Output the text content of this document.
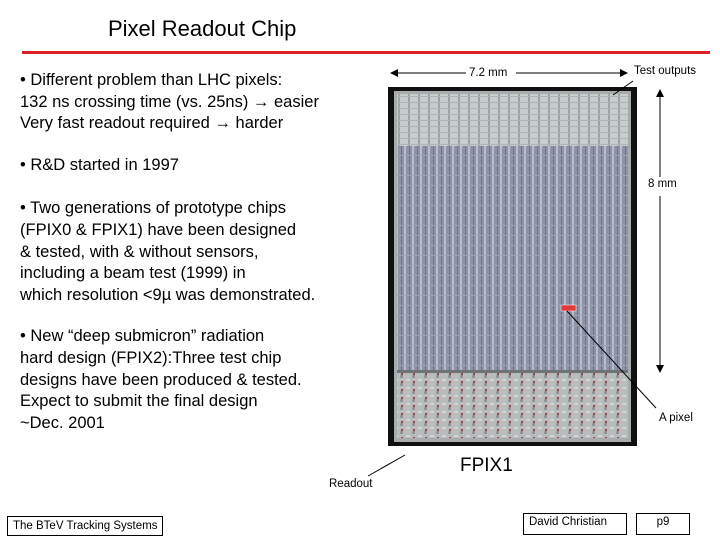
Pixel Readout Chip

• Different problem than LHC pixels:
132 ns crossing time (vs. 25ns) → easier
Very fast readout required → harder

• R&D started in 1997

• Two generations of prototype chips
(FPIX0 & FPIX1) have been designed
& tested, with & without sensors,
including a beam test (1999) in
which resolution <9µ was demonstrated.

• New “deep submicron” radiation
hard design (FPIX2):Three test chip
designs have been produced & tested.
Expect to submit the final design
~Dec. 2001

7.2 mm	Test outputs
8 mm
A pixel
Readout
FPIX1
The BTeV Tracking Systems	David Christian	p9
